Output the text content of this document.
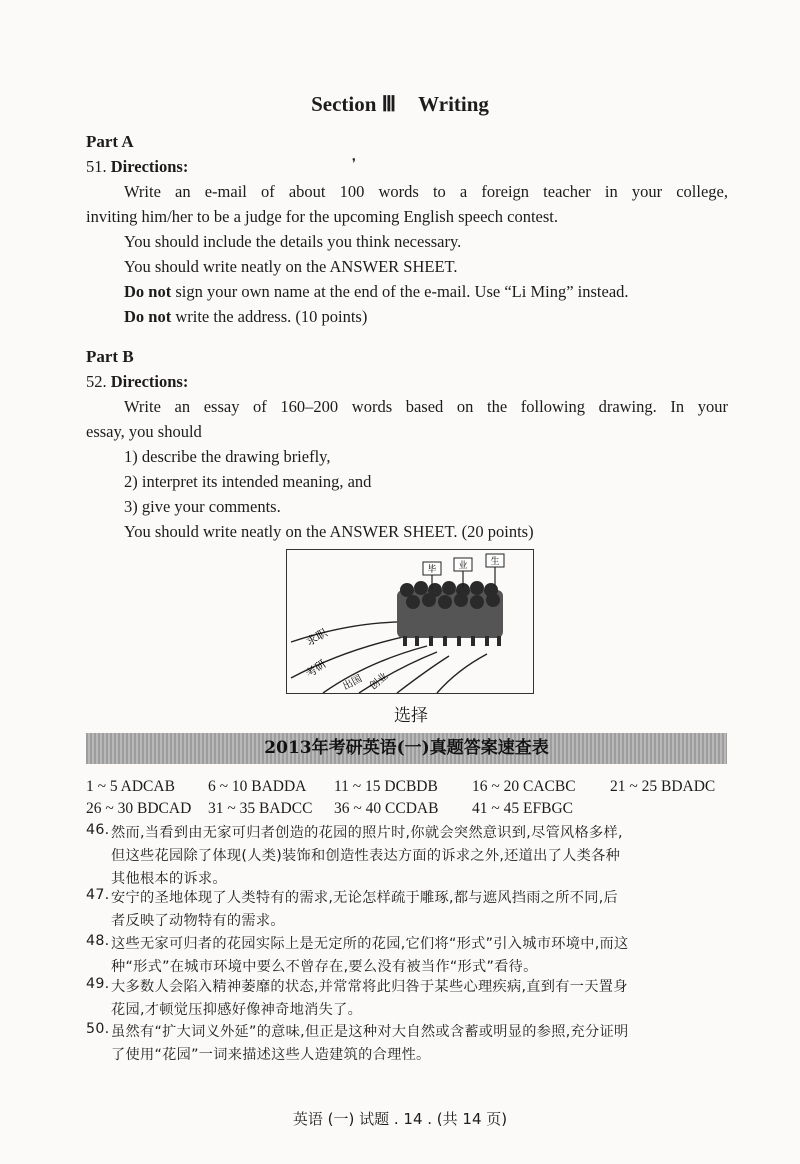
Section Ⅲ Writing
Part A
51. Directions:	❜
Write an e-mail of about 100 words to a foreign teacher in your college,
inviting him/her to be a judge for the upcoming English speech contest.
You should include the details you think necessary.
You should write neatly on the ANSWER SHEET.
Do not sign your own name at the end of the e-mail. Use “Li Ming” instead.
Do not write the address. (10 points)
Part B
52. Directions:
Write an essay of 160–200 words based on the following drawing. In your
essay, you should
1) describe the drawing briefly,
2) interpret its intended meaning, and
3) give your comments.
You should write neatly on the ANSWER SHEET. (20 points)
毕 业	生
求职
考研
出国 创业
选择
2013年考研英语(一)真题答案速查表
1 ~ 5 ADCAB 6 ~ 10 BADDA 11 ~ 15 DCBDB 16 ~ 20 CACBC 21 ~ 25 BDADC
26 ~ 30 BDCAD 31 ~ 35 BADCC 36 ~ 40 CCDAB 41 ~ 45 EFBGC
46. 然而,当看到由无家可归者创造的花园的照片时,你就会突然意识到,尽管风格多样,
但这些花园除了体现(人类)装饰和创造性表达方面的诉求之外,还道出了人类各种
其他根本的诉求。
47. 安宁的圣地体现了人类特有的需求,无论怎样疏于雕琢,都与遮风挡雨之所不同,后
者反映了动物特有的需求。
48. 这些无家可归者的花园实际上是无定所的花园,它们将“形式”引入城市环境中,而这
种“形式”在城市环境中要么不曾存在,要么没有被当作“形式”看待。
49. 大多数人会陷入精神萎靡的状态,并常常将此归咎于某些心理疾病,直到有一天置身
花园,才顿觉压抑感好像神奇地消失了。
50. 虽然有“扩大词义外延”的意味,但正是这种对大自然或含蓄或明显的参照,充分证明
了使用“花园”一词来描述这些人造建筑的合理性。
英语 (一) 试题 . 14 . (共 14 页)
